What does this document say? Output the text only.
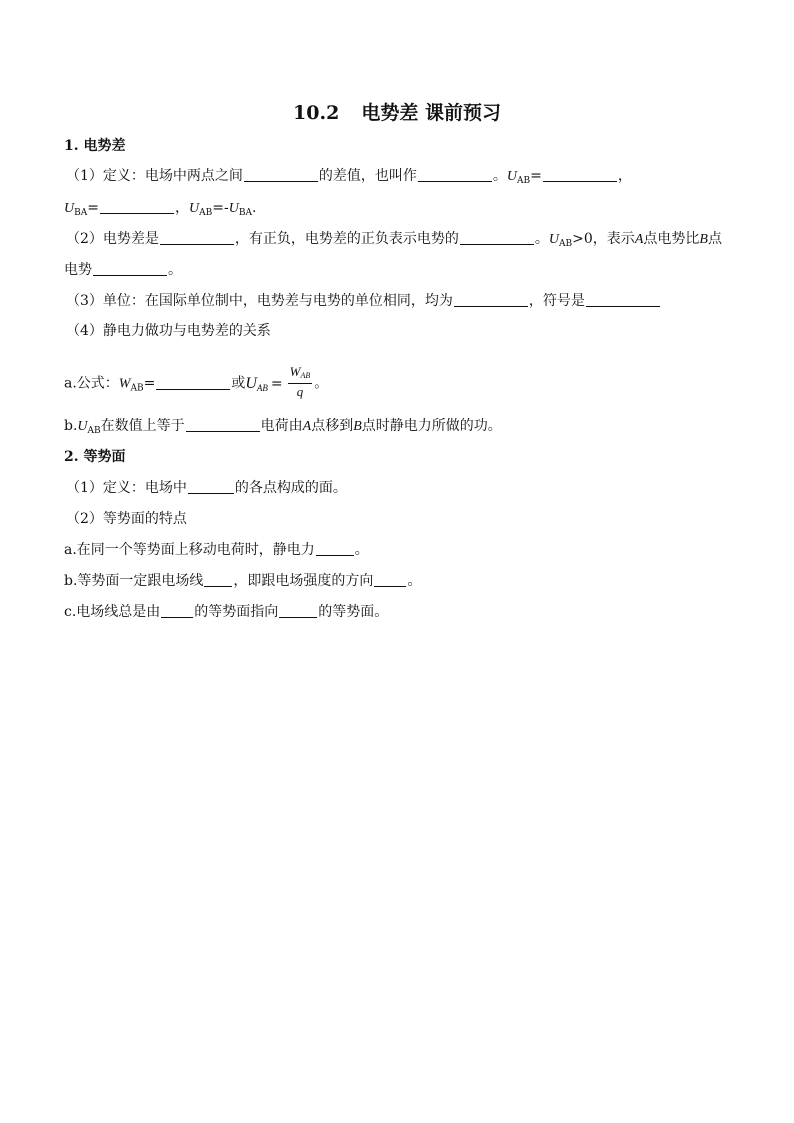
10.2 电势差 课前预习
1. 电势差
（1）定义：电场中两点之间	的差值，也叫作	。$U_{AB}=$	，
$U_{BA}=$	，$U_{AB}=-U_{BA}$.
（2）电势差是	，有正负，电势差的正负表示电势的	。$U_{AB}>0$，表示A点电势比B点
电势	。
（3）单位：在国际单位制中，电势差与电势的单位相同，均为	，符号是
（4）静电力做功与电势差的关系
a.公式：$W_{AB}=$	或$U_{AB} = \frac{W_{AB}}{q}$ 。
$b.U_{AB}$在数值上等于	电荷由A点移到B点时静电力所做的功。
2. 等势面
（1）定义：电场中	的各点构成的面。
（2）等势面的特点
a.在同一个等势面上移动电荷时，静电力	。
b.等势面一定跟电场线 ，即跟电场强度的方向 。
c.电场线总是由 的等势面指向	的等势面。
